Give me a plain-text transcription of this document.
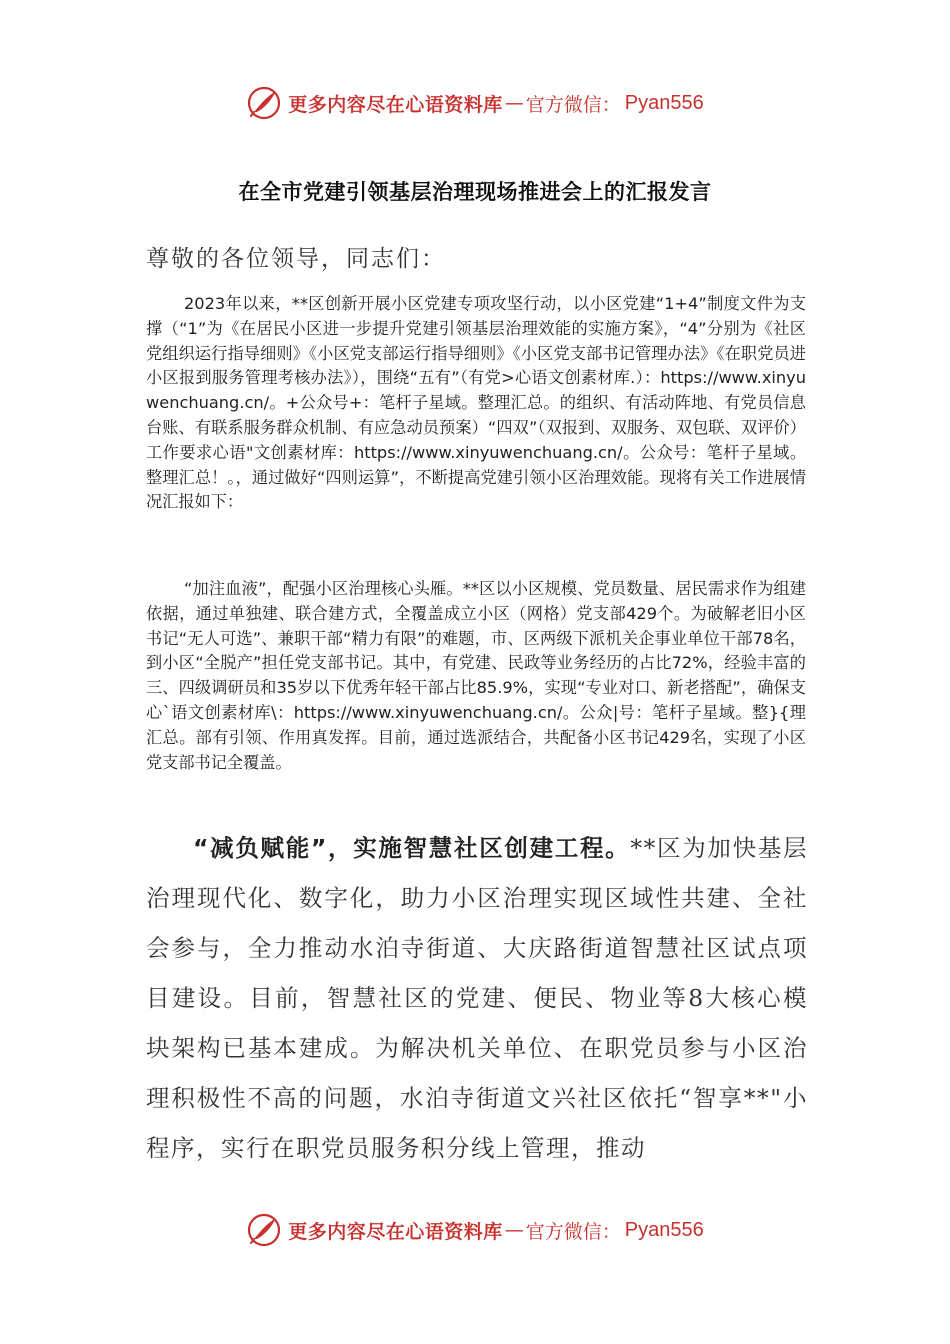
更多内容尽在心语资料库 — 官方微信： Pyan556
在全市党建引领基层治理现场推进会上的汇报发言
尊敬的各位领导，同志们：
2023年以来，**区创新开展小区党建专项攻坚行动，以小区党建“1+4”制度文件为支撑（“1”为《在居民小区进一步提升党建引领基层治理效能的实施方案》，“4”分别为《社区党组织运行指导细则》《小区党支部运行指导细则》《小区党支部书记管理办法》《在职党员进小区报到服务管理考核办法》），围绕“五有”（有党>心语文创素材库.）：https://www.xinyuwenchuang.cn/。+公众号+：笔杆子星域。整理汇总。的组织、有活动阵地、有党员信息台账、有联系服务群众机制、有应急动员预案）“四双”（双报到、双服务、双包联、双评价）工作要求心语"文创素材库：https://www.xinyuwenchuang.cn/。公众号：笔杆子星域。整理汇总！。，通过做好“四则运算”，不断提高党建引领小区治理效能。现将有关工作进展情况汇报如下：
“加注血液”，配强小区治理核心头雁。**区以小区规模、党员数量、居民需求作为组建依据，通过单独建、联合建方式，全覆盖成立小区（网格）党支部429个。为破解老旧小区书记“无人可选”、兼职干部“精力有限”的难题，市、区两级下派机关企事业单位干部78名，到小区“全脱产”担任党支部书记。其中，有党建、民政等业务经历的占比72%，经验丰富的三、四级调研员和35岁以下优秀年轻干部占比85.9%，实现“专业对口、新老搭配”，确保支心`语文创素材库\：https://www.xinyuwenchuang.cn/。公众|号：笔杆子星域。整}{理汇总。部有引领、作用真发挥。目前，通过选派结合，共配备小区书记429名，实现了小区党支部书记全覆盖。
“减负赋能”，实施智慧社区创建工程。**区为加快基层治理现代化、数字化，助力小区治理实现区域性共建、全社会参与，全力推动水泊寺街道、大庆路街道智慧社区试点项目建设。目前，智慧社区的党建、便民、物业等8大核心模块架构已基本建成。为解决机关单位、在职党员参与小区治理积极性不高的问题，水泊寺街道文兴社区依托“智享**"小程序，实行在职党员服务积分线上管理，推动
更多内容尽在心语资料库 — 官方微信： Pyan556
